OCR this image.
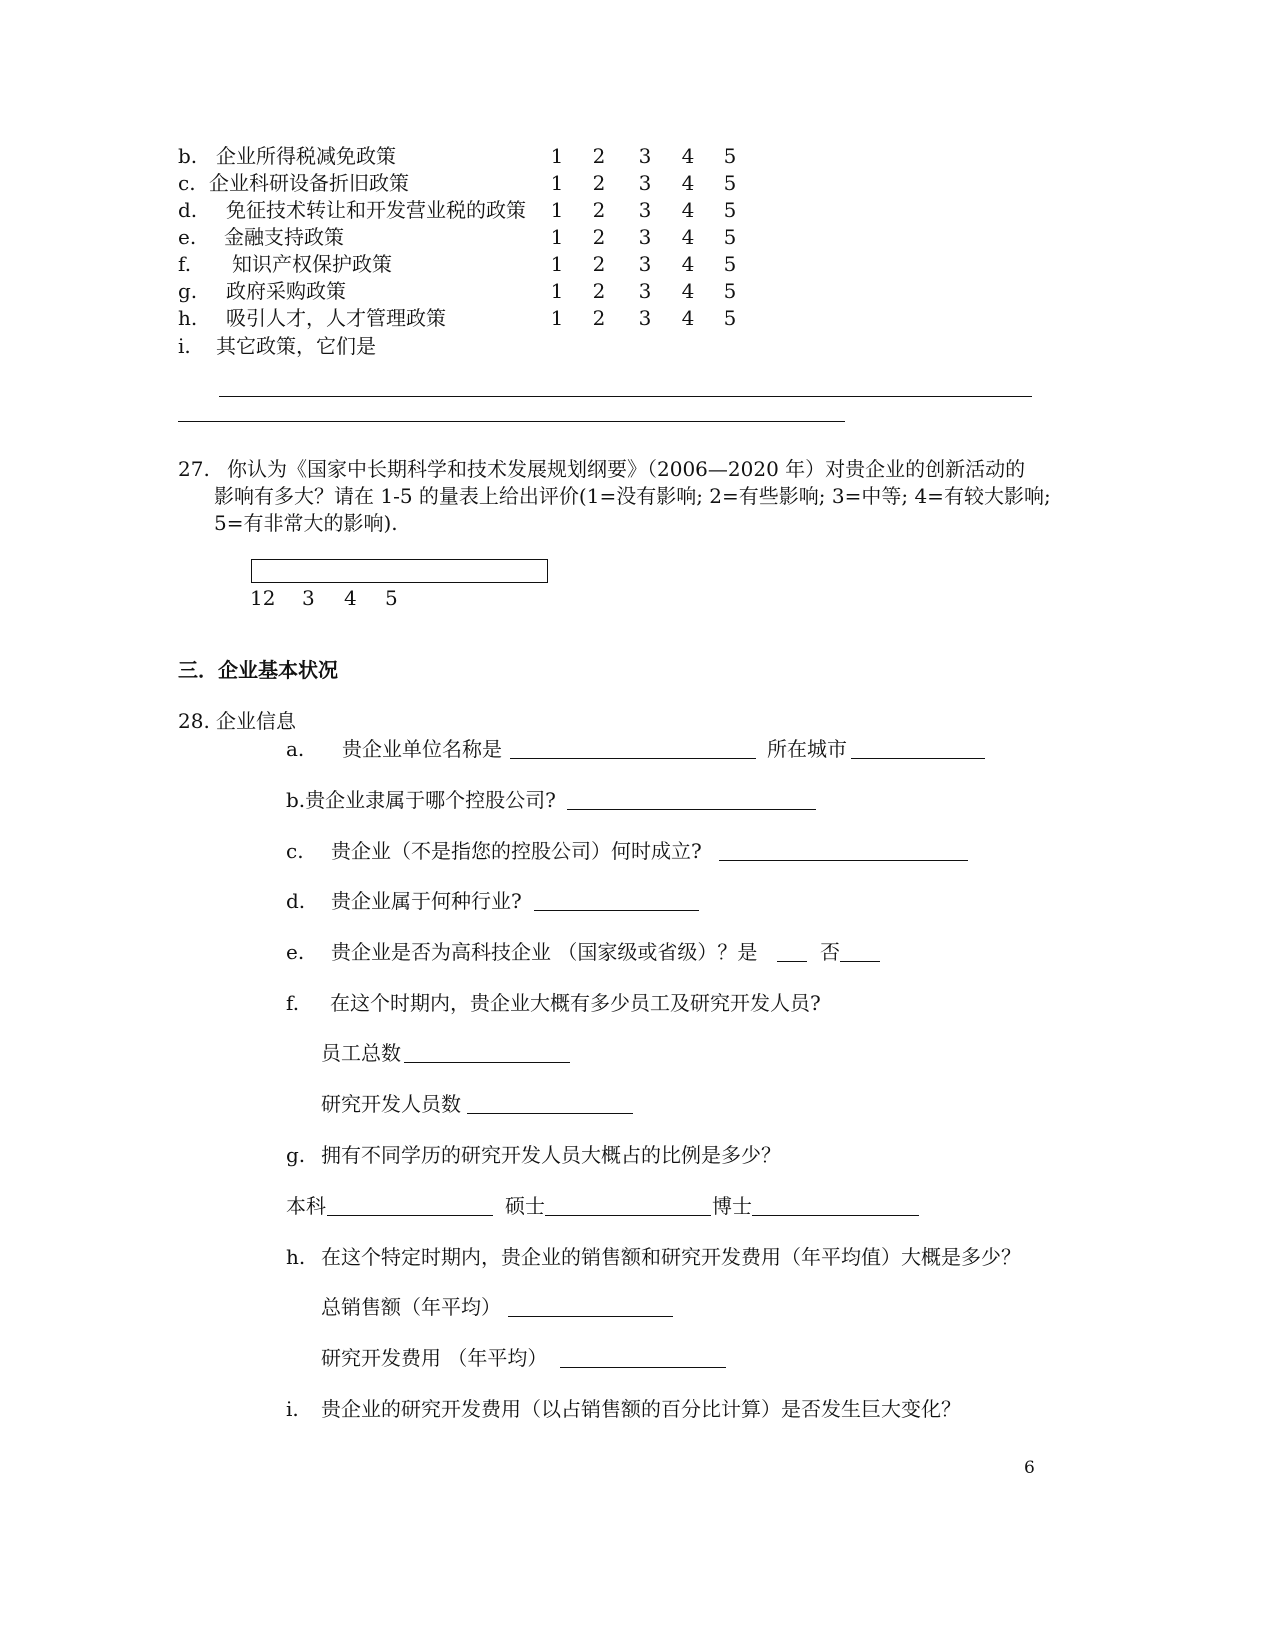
b. 企业所得税减免政策	1 2 3 4 5
c. 企业科研设备折旧政策	1 2 3 4 5
d. 免征技术转让和开发营业税的政策 1 2 3 4 5
e. 金融支持政策	1 2 3 4 5
f. 知识产权保护政策	1 2 3 4 5
g. 政府采购政策	1 2 3 4 5
h. 吸引人才，人才管理政策	1 2 3 4 5
i. 其它政策，它们是
27. 你认为《国家中长期科学和技术发展规划纲要》（2006—2020 年）对贵企业的创新活动的
影响有多大？请在 1-5 的量表上给出评价(1=没有影响; 2=有些影响; 3=中等; 4=有较大影响;
5=有非常大的影响).
12 3 4 5
三．企业基本状况
28. 企业信息
a. 贵企业单位名称是	所在城市
b.贵企业隶属于哪个控股公司?
c. 贵企业（不是指您的控股公司）何时成立?
d. 贵企业属于何种行业?
e. 贵企业是否为高科技企业 （国家级或省级）？是	否
f. 在这个时期内，贵企业大概有多少员工及研究开发人员?
员工总数
研究开发人员数
g. 拥有不同学历的研究开发人员大概占的比例是多少？
本科	硕士	博士
h. 在这个特定时期内，贵企业的销售额和研究开发费用（年平均值）大概是多少？
总销售额（年平均）
研究开发费用 （年平均）
i. 贵企业的研究开发费用（以占销售额的百分比计算）是否发生巨大变化？
6
